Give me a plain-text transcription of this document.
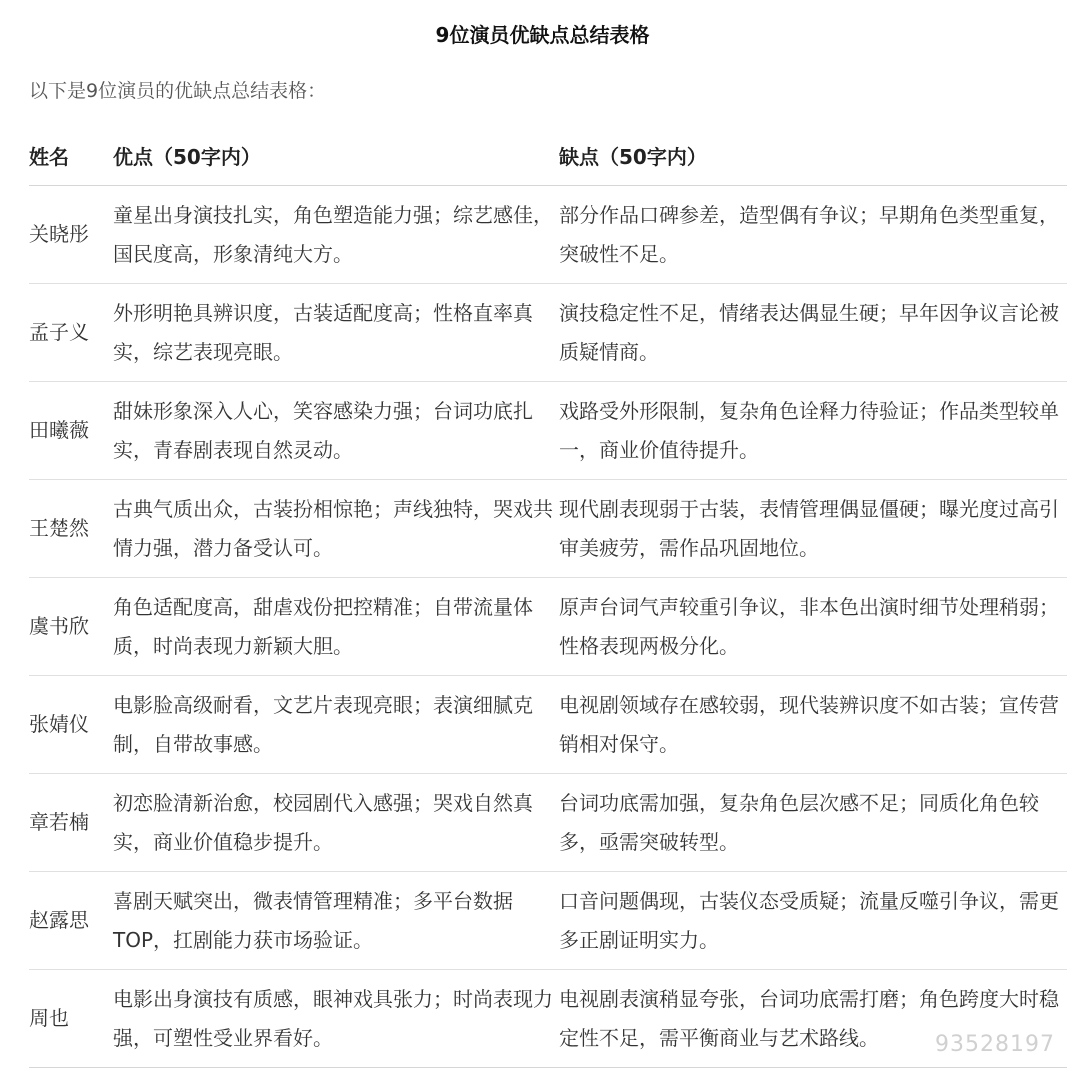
9位演员优缺点总结表格
以下是9位演员的优缺点总结表格：
姓名	优点（50字内）	缺点（50字内）
关晓彤	童星出身演技扎实，角色塑造能力强；综艺感佳，国民度高，形象清纯大方。	部分作品口碑参差，造型偶有争议；早期角色类型重复，突破性不足。
孟子义	外形明艳具辨识度，古装适配度高；性格直率真实，综艺表现亮眼。	演技稳定性不足，情绪表达偶显生硬；早年因争议言论被质疑情商。
田曦薇	甜妹形象深入人心，笑容感染力强；台词功底扎实，青春剧表现自然灵动。	戏路受外形限制，复杂角色诠释力待验证；作品类型较单一，商业价值待提升。
王楚然	古典气质出众，古装扮相惊艳；声线独特，哭戏共情力强，潜力备受认可。	现代剧表现弱于古装，表情管理偶显僵硬；曝光度过高引审美疲劳，需作品巩固地位。
虞书欣	角色适配度高，甜虐戏份把控精准；自带流量体质，时尚表现力新颖大胆。	原声台词气声较重引争议，非本色出演时细节处理稍弱；性格表现两极分化。
张婧仪	电影脸高级耐看，文艺片表现亮眼；表演细腻克制，自带故事感。	电视剧领域存在感较弱，现代装辨识度不如古装；宣传营销相对保守。
章若楠	初恋脸清新治愈，校园剧代入感强；哭戏自然真实，商业价值稳步提升。	台词功底需加强，复杂角色层次感不足；同质化角色较多，亟需突破转型。
赵露思	喜剧天赋突出，微表情管理精准；多平台数据TOP，扛剧能力获市场验证。	口音问题偶现，古装仪态受质疑；流量反噬引争议，需更多正剧证明实力。
周也	电影出身演技有质感，眼神戏具张力；时尚表现力强，可塑性受业界看好。	电视剧表演稍显夸张，台词功底需打磨；角色跨度大时稳定性不足，需平衡商业与艺术路线。	93528197
